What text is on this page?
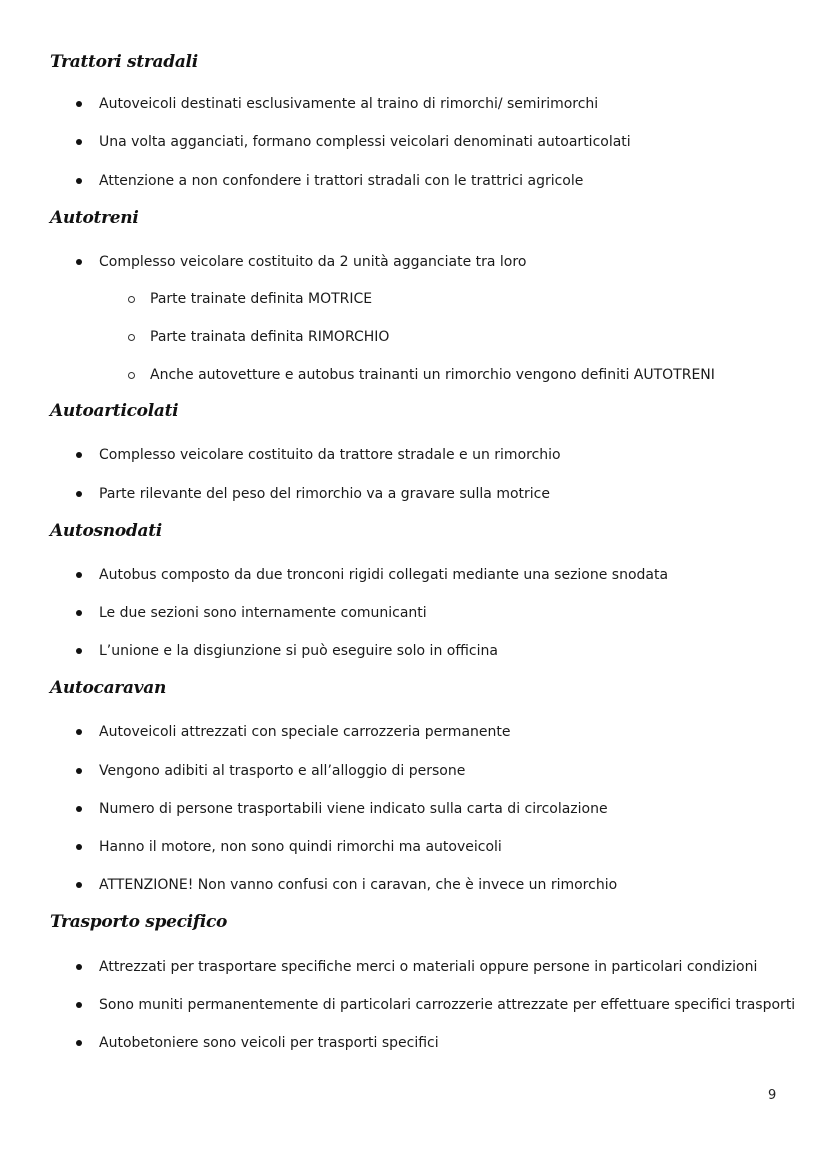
Trattori stradali
Autoveicoli destinati esclusivamente al traino di rimorchi/ semirimorchi
Una volta agganciati, formano complessi veicolari denominati autoarticolati
Attenzione a non confondere i trattori stradali con le trattrici agricole
Autotreni
Complesso veicolare costituito da 2 unità agganciate tra loro
Parte trainate definita MOTRICE
Parte trainata definita RIMORCHIO
Anche autovetture e autobus trainanti un rimorchio vengono definiti AUTOTRENI
Autoarticolati
Complesso veicolare costituito da trattore stradale e un rimorchio
Parte rilevante del peso del rimorchio va a gravare sulla motrice
Autosnodati
Autobus composto da due tronconi rigidi collegati mediante una sezione snodata
Le due sezioni sono internamente comunicanti
L’unione e la disgiunzione si può eseguire solo in officina
Autocaravan
Autoveicoli attrezzati con speciale carrozzeria permanente
Vengono adibiti al trasporto e all’alloggio di persone
Numero di persone trasportabili viene indicato sulla carta di circolazione
Hanno il motore, non sono quindi rimorchi ma autoveicoli
ATTENZIONE! Non vanno confusi con i caravan, che è invece un rimorchio
Trasporto specifico
Attrezzati per trasportare specifiche merci o materiali oppure persone in particolari condizioni
Sono muniti permanentemente di particolari carrozzerie attrezzate per effettuare specifici trasporti
Autobetoniere sono veicoli per trasporti specifici
9
